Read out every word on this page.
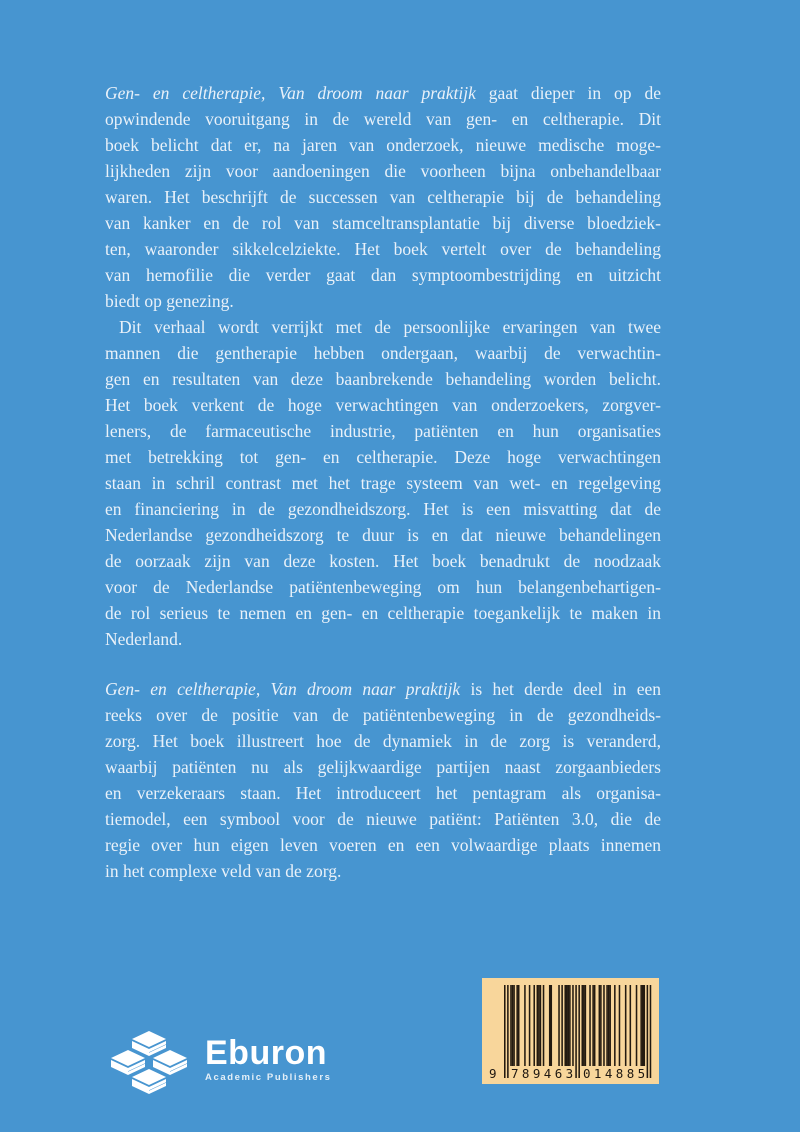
Gen- en celtherapie, Van droom naar praktijk gaat dieper in op de
opwindende vooruitgang in de wereld van gen- en celtherapie. Dit
boek belicht dat er, na jaren van onderzoek, nieuwe medische moge-
lijkheden zijn voor aandoeningen die voorheen bijna onbehandelbaar
waren. Het beschrijft de successen van celtherapie bij de behandeling
van kanker en de rol van stamceltransplantatie bij diverse bloedziek-
ten, waaronder sikkelcelziekte. Het boek vertelt over de behandeling
van hemofilie die verder gaat dan symptoombestrijding en uitzicht
biedt op genezing.
Dit verhaal wordt verrijkt met de persoonlijke ervaringen van twee
mannen die gentherapie hebben ondergaan, waarbij de verwachtin-
gen en resultaten van deze baanbrekende behandeling worden belicht.
Het boek verkent de hoge verwachtingen van onderzoekers, zorgver-
leners, de farmaceutische industrie, patiënten en hun organisaties
met betrekking tot gen- en celtherapie. Deze hoge verwachtingen
staan in schril contrast met het trage systeem van wet- en regelgeving
en financiering in de gezondheidszorg. Het is een misvatting dat de
Nederlandse gezondheidszorg te duur is en dat nieuwe behandelingen
de oorzaak zijn van deze kosten. Het boek benadrukt de noodzaak
voor de Nederlandse patiëntenbeweging om hun belangenbehartigen-
de rol serieus te nemen en gen- en celtherapie toegankelijk te maken in
Nederland.
Gen- en celtherapie, Van droom naar praktijk is het derde deel in een
reeks over de positie van de patiëntenbeweging in de gezondheids-
zorg. Het boek illustreert hoe de dynamiek in de zorg is veranderd,
waarbij patiënten nu als gelijkwaardige partijen naast zorgaanbieders
en verzekeraars staan. Het introduceert het pentagram als organisa-
tiemodel, een symbool voor de nieuwe patiënt: Patiënten 3.0, die de
regie over hun eigen leven voeren en een volwaardige plaats innemen
in het complexe veld van de zorg.
Eburon
Academic Publishers	9 789463 014885
